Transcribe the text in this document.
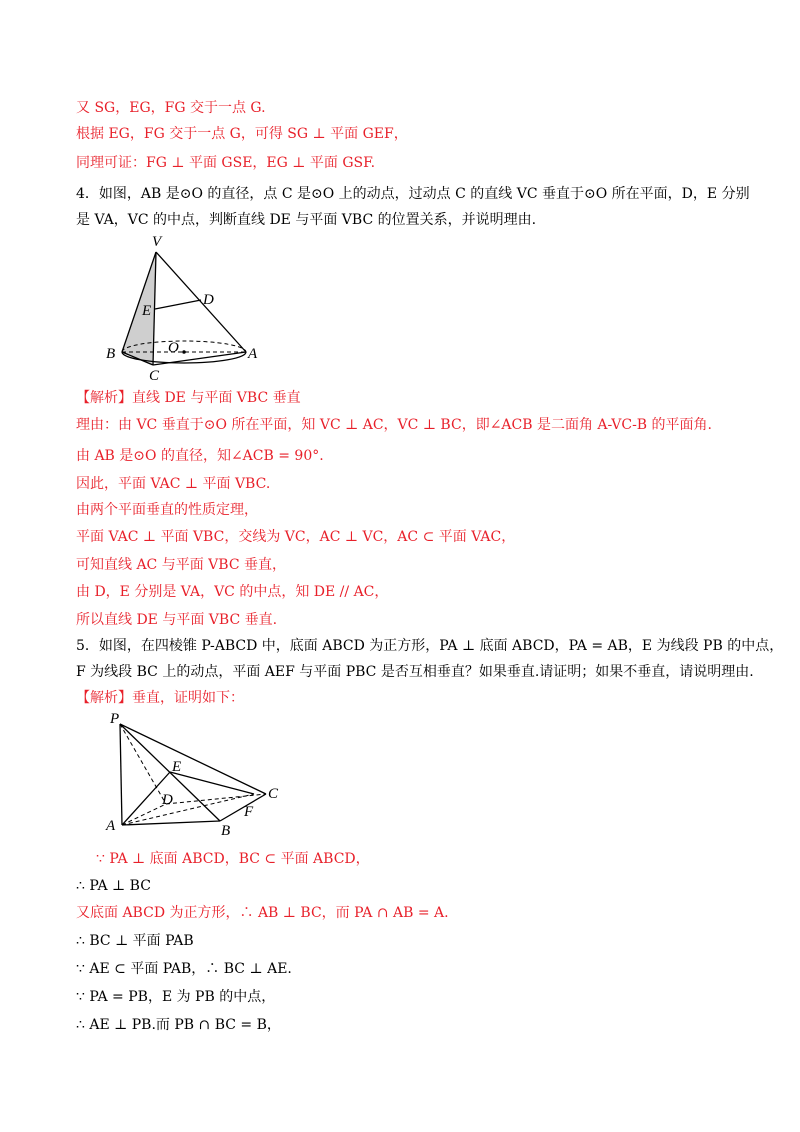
又 SG，EG，FG 交于一点 G.
根据 EG，FG 交于一点 G，可得 SG ⊥ 平面 GEF，
同理可证：FG ⊥ 平面 GSE，EG ⊥ 平面 GSF.
4．如图，AB 是⊙O 的直径，点 C 是⊙O 上的动点，过动点 C 的直线 VC 垂直于⊙O 所在平面，D，E 分别
是 VA，VC 的中点，判断直线 DE 与平面 VBC 的位置关系，并说明理由.
V
D
E
B	O	A
C
【解析】直线 DE 与平面 VBC 垂直
理由：由 VC 垂直于⊙O 所在平面，知 VC ⊥ AC，VC ⊥ BC，即∠ACB 是二面角 A-VC-B 的平面角.
由 AB 是⊙O 的直径，知∠ACB = 90°.
因此，平面 VAC ⊥ 平面 VBC.
由两个平面垂直的性质定理，
平面 VAC ⊥ 平面 VBC，交线为 VC，AC ⊥ VC，AC ⊂ 平面 VAC，
可知直线 AC 与平面 VBC 垂直，
由 D，E 分别是 VA，VC 的中点，知 DE // AC，
所以直线 DE 与平面 VBC 垂直.
5．如图，在四棱锥 P-ABCD 中，底面 ABCD 为正方形，PA ⊥ 底面 ABCD，PA = AB，E 为线段 PB 的中点，
F 为线段 BC 上的动点，平面 AEF 与平面 PBC 是否互相垂直？如果垂直.请证明；如果不垂直，请说明理由.
【解析】垂直，证明如下：
P
E
D	C
F
A	B
∵ PA ⊥ 底面 ABCD，BC ⊂ 平面 ABCD，
∴ PA ⊥ BC
又底面 ABCD 为正方形，∴ AB ⊥ BC，而 PA ∩ AB = A.
∴ BC ⊥ 平面 PAB
∵ AE ⊂ 平面 PAB，∴ BC ⊥ AE.
∵ PA = PB，E 为 PB 的中点，
∴ AE ⊥ PB.而 PB ∩ BC = B，
